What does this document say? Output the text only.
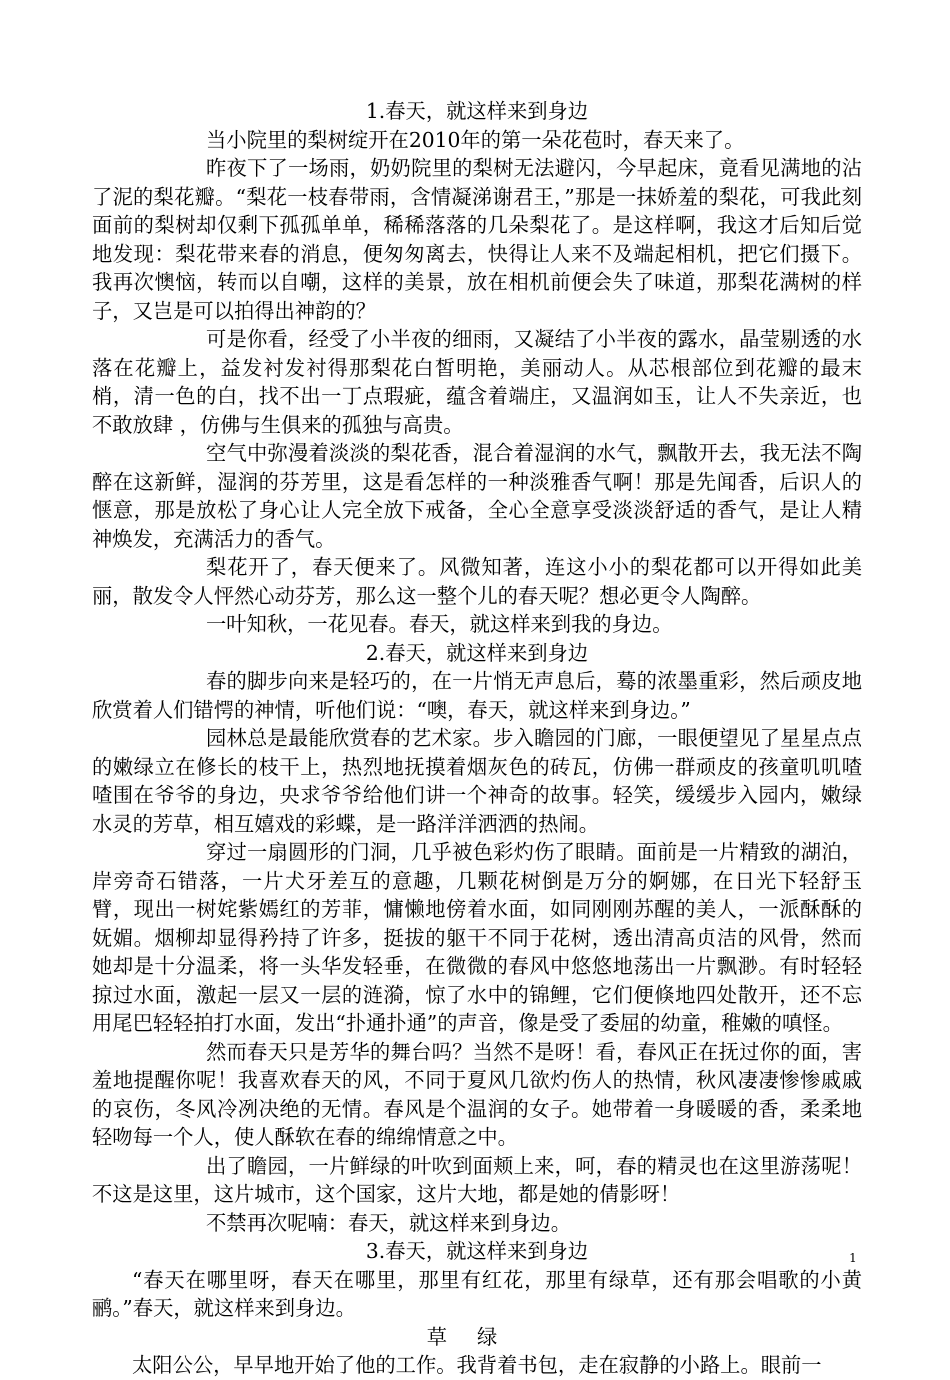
1.春天，就这样来到身边

当小院里的梨树绽开在2010年的第一朵花苞时，春天来了。

昨夜下了一场雨，奶奶院里的梨树无法避闪，今早起床，竟看见满地的沾了泥的梨花瓣。“梨花一枝春带雨，含情凝涕谢君王，”那是一抹娇羞的梨花，可我此刻面前的梨树却仅剩下孤孤单单，稀稀落落的几朵梨花了。是这样啊，我这才后知后觉地发现：梨花带来春的消息，便匆匆离去，快得让人来不及端起相机，把它们摄下。我再次懊恼，转而以自嘲，这样的美景，放在相机前便会失了味道，那梨花满树的样子，又岂是可以拍得出神韵的？

可是你看，经受了小半夜的细雨，又凝结了小半夜的露水，晶莹剔透的水落在花瓣上，益发衬发衬得那梨花白皙明艳，美丽动人。从芯根部位到花瓣的最末梢，清一色的白，找不出一丁点瑕疵，蕴含着端庄，又温润如玉，让人不失亲近，也不敢放肆 ，仿佛与生俱来的孤独与高贵。

空气中弥漫着淡淡的梨花香，混合着湿润的水气，飘散开去，我无法不陶醉在这新鲜，湿润的芬芳里，这是看怎样的一种淡雅香气啊！那是先闻香，后识人的惬意，那是放松了身心让人完全放下戒备，全心全意享受淡淡舒适的香气，是让人精神焕发，充满活力的香气。

梨花开了，春天便来了。风微知著，连这小小的梨花都可以开得如此美丽，散发令人怦然心动芬芳，那么这一整个儿的春天呢？想必更令人陶醉。

一叶知秋，一花见春。春天，就这样来到我的身边。

2.春天，就这样来到身边

春的脚步向来是轻巧的，在一片悄无声息后，蓦的浓墨重彩，然后顽皮地欣赏着人们错愕的神情，听他们说：“噢，春天，就这样来到身边。”

园林总是最能欣赏春的艺术家。步入瞻园的门廊，一眼便望见了星星点点的嫩绿立在修长的枝干上，热烈地抚摸着烟灰色的砖瓦，仿佛一群顽皮的孩童叽叽喳喳围在爷爷的身边，央求爷爷给他们讲一个神奇的故事。轻笑，缓缓步入园内，嫩绿水灵的芳草，相互嬉戏的彩蝶，是一路洋洋洒洒的热闹。

穿过一扇圆形的门洞，几乎被色彩灼伤了眼睛。面前是一片精致的湖泊，岸旁奇石错落，一片犬牙差互的意趣，几颗花树倒是万分的婀娜，在日光下轻舒玉臂，现出一树姹紫嫣红的芳菲，慵懒地傍着水面，如同刚刚苏醒的美人，一派酥酥的妩媚。烟柳却显得矜持了许多，挺拔的躯干不同于花树，透出清高贞洁的风骨，然而她却是十分温柔，将一头华发轻垂，在微微的春风中悠悠地荡出一片飘渺。有时轻轻掠过水面，激起一层又一层的涟漪，惊了水中的锦鲤，它们便倏地四处散开，还不忘用尾巴轻轻拍打水面，发出“扑通扑通”的声音，像是受了委屈的幼童，稚嫩的嗔怪。

然而春天只是芳华的舞台吗？当然不是呀！看，春风正在抚过你的面，害羞地提醒你呢！我喜欢春天的风，不同于夏风几欲灼伤人的热情，秋风凄凄惨惨戚戚的哀伤，冬风冷冽决绝的无情。春风是个温润的女子。她带着一身暖暖的香，柔柔地轻吻每一个人，使人酥软在春的绵绵情意之中。

出了瞻园，一片鲜绿的叶吹到面颊上来，呵，春的精灵也在这里游荡呢！不这是这里，这片城市，这个国家，这片大地，都是她的倩影呀！

不禁再次呢喃：春天，就这样来到身边。

3.春天，就这样来到身边

“春天在哪里呀，春天在哪里，那里有红花，那里有绿草，还有那会唱歌的小黄鹂。”春天，就这样来到身边。

草绿

太阳公公，早早地开始了他的工作。我背着书包，走在寂静的小路上。眼前一

1
